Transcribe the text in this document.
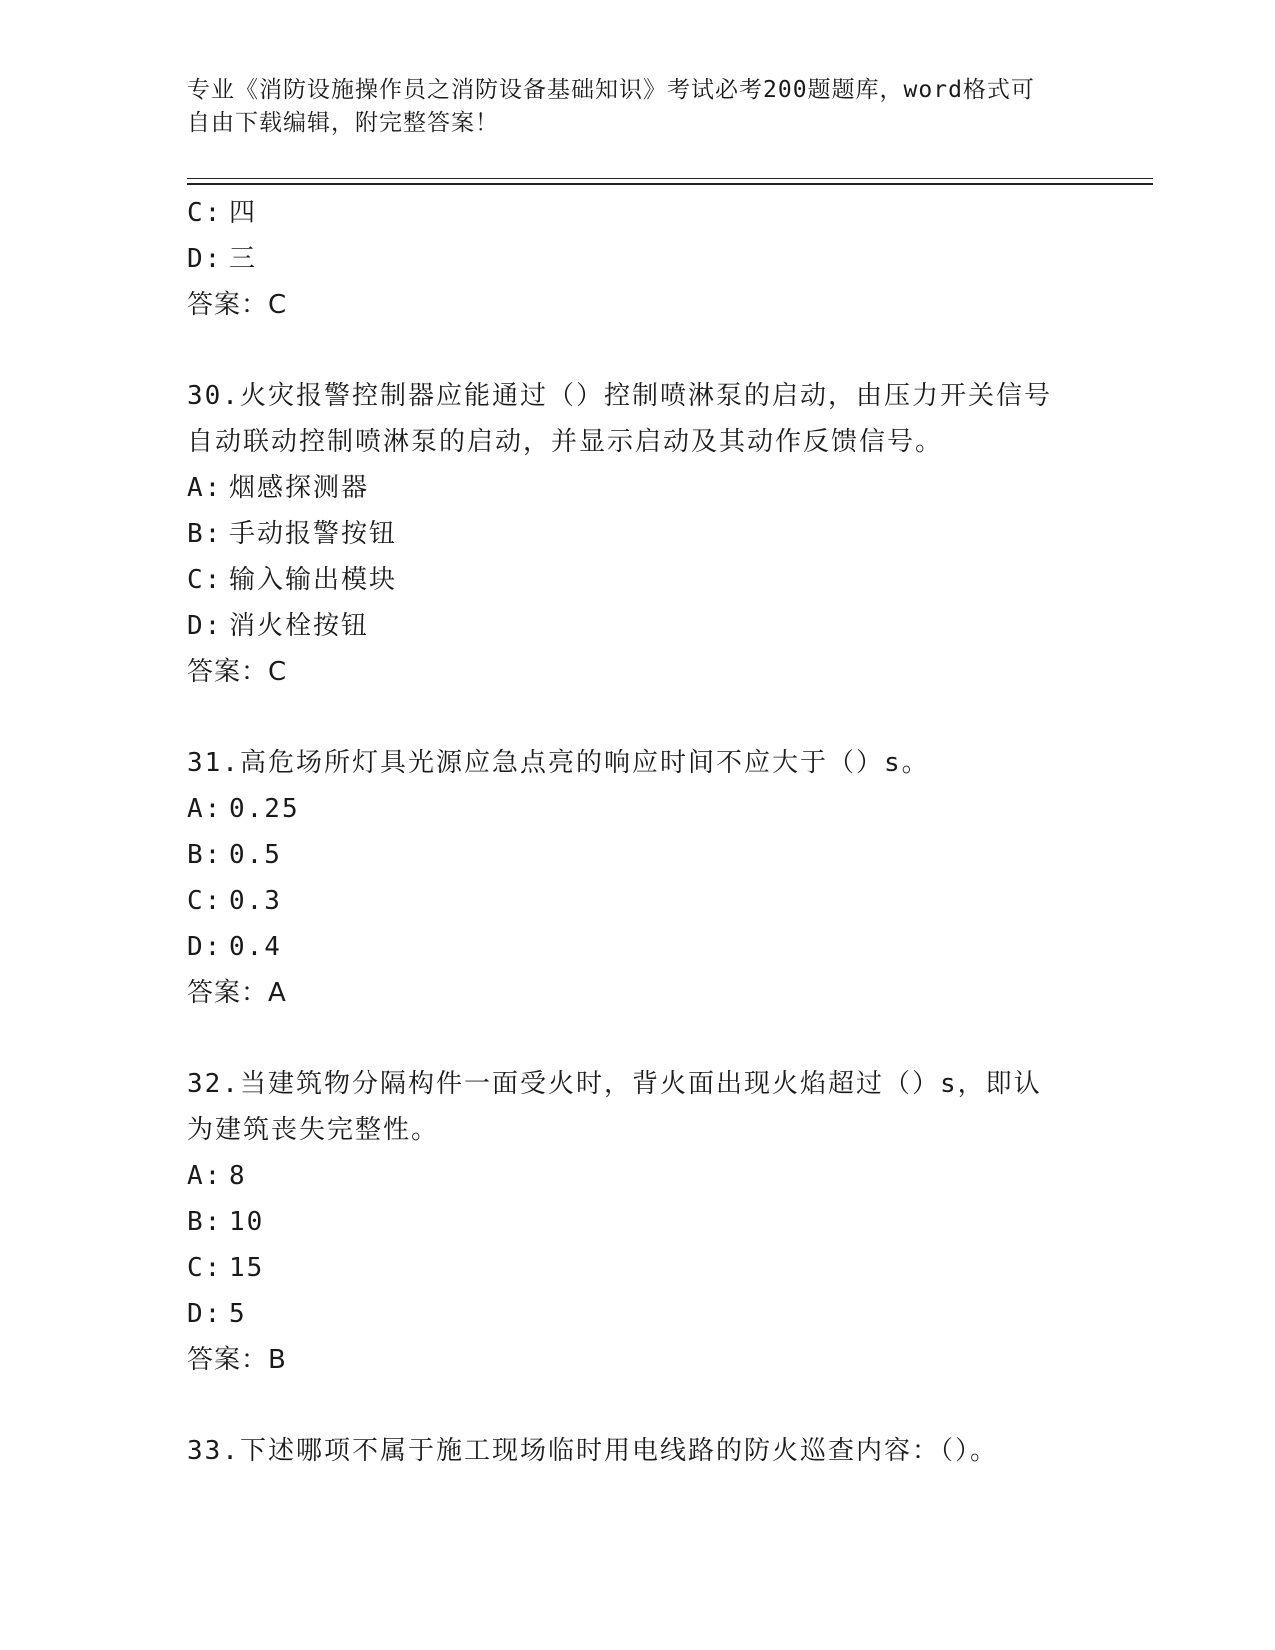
专业《消防设施操作员之消防设备基础知识》考试必考200题题库，word格式可
自由下载编辑，附完整答案！
C: 四
D: 三
答案：C
30.火灾报警控制器应能通过（）控制喷淋泵的启动，由压力开关信号
自动联动控制喷淋泵的启动，并显示启动及其动作反馈信号。
A: 烟感探测器
B: 手动报警按钮
C: 输入输出模块
D: 消火栓按钮
答案：C
31.高危场所灯具光源应急点亮的响应时间不应大于（）s。
A: 0.25
B: 0.5
C: 0.3
D: 0.4
答案：A
32.当建筑物分隔构件一面受火时，背火面出现火焰超过（）s，即认
为建筑丧失完整性。
A: 8
B: 10
C: 15
D: 5
答案：B
33.下述哪项不属于施工现场临时用电线路的防火巡查内容：（）。
